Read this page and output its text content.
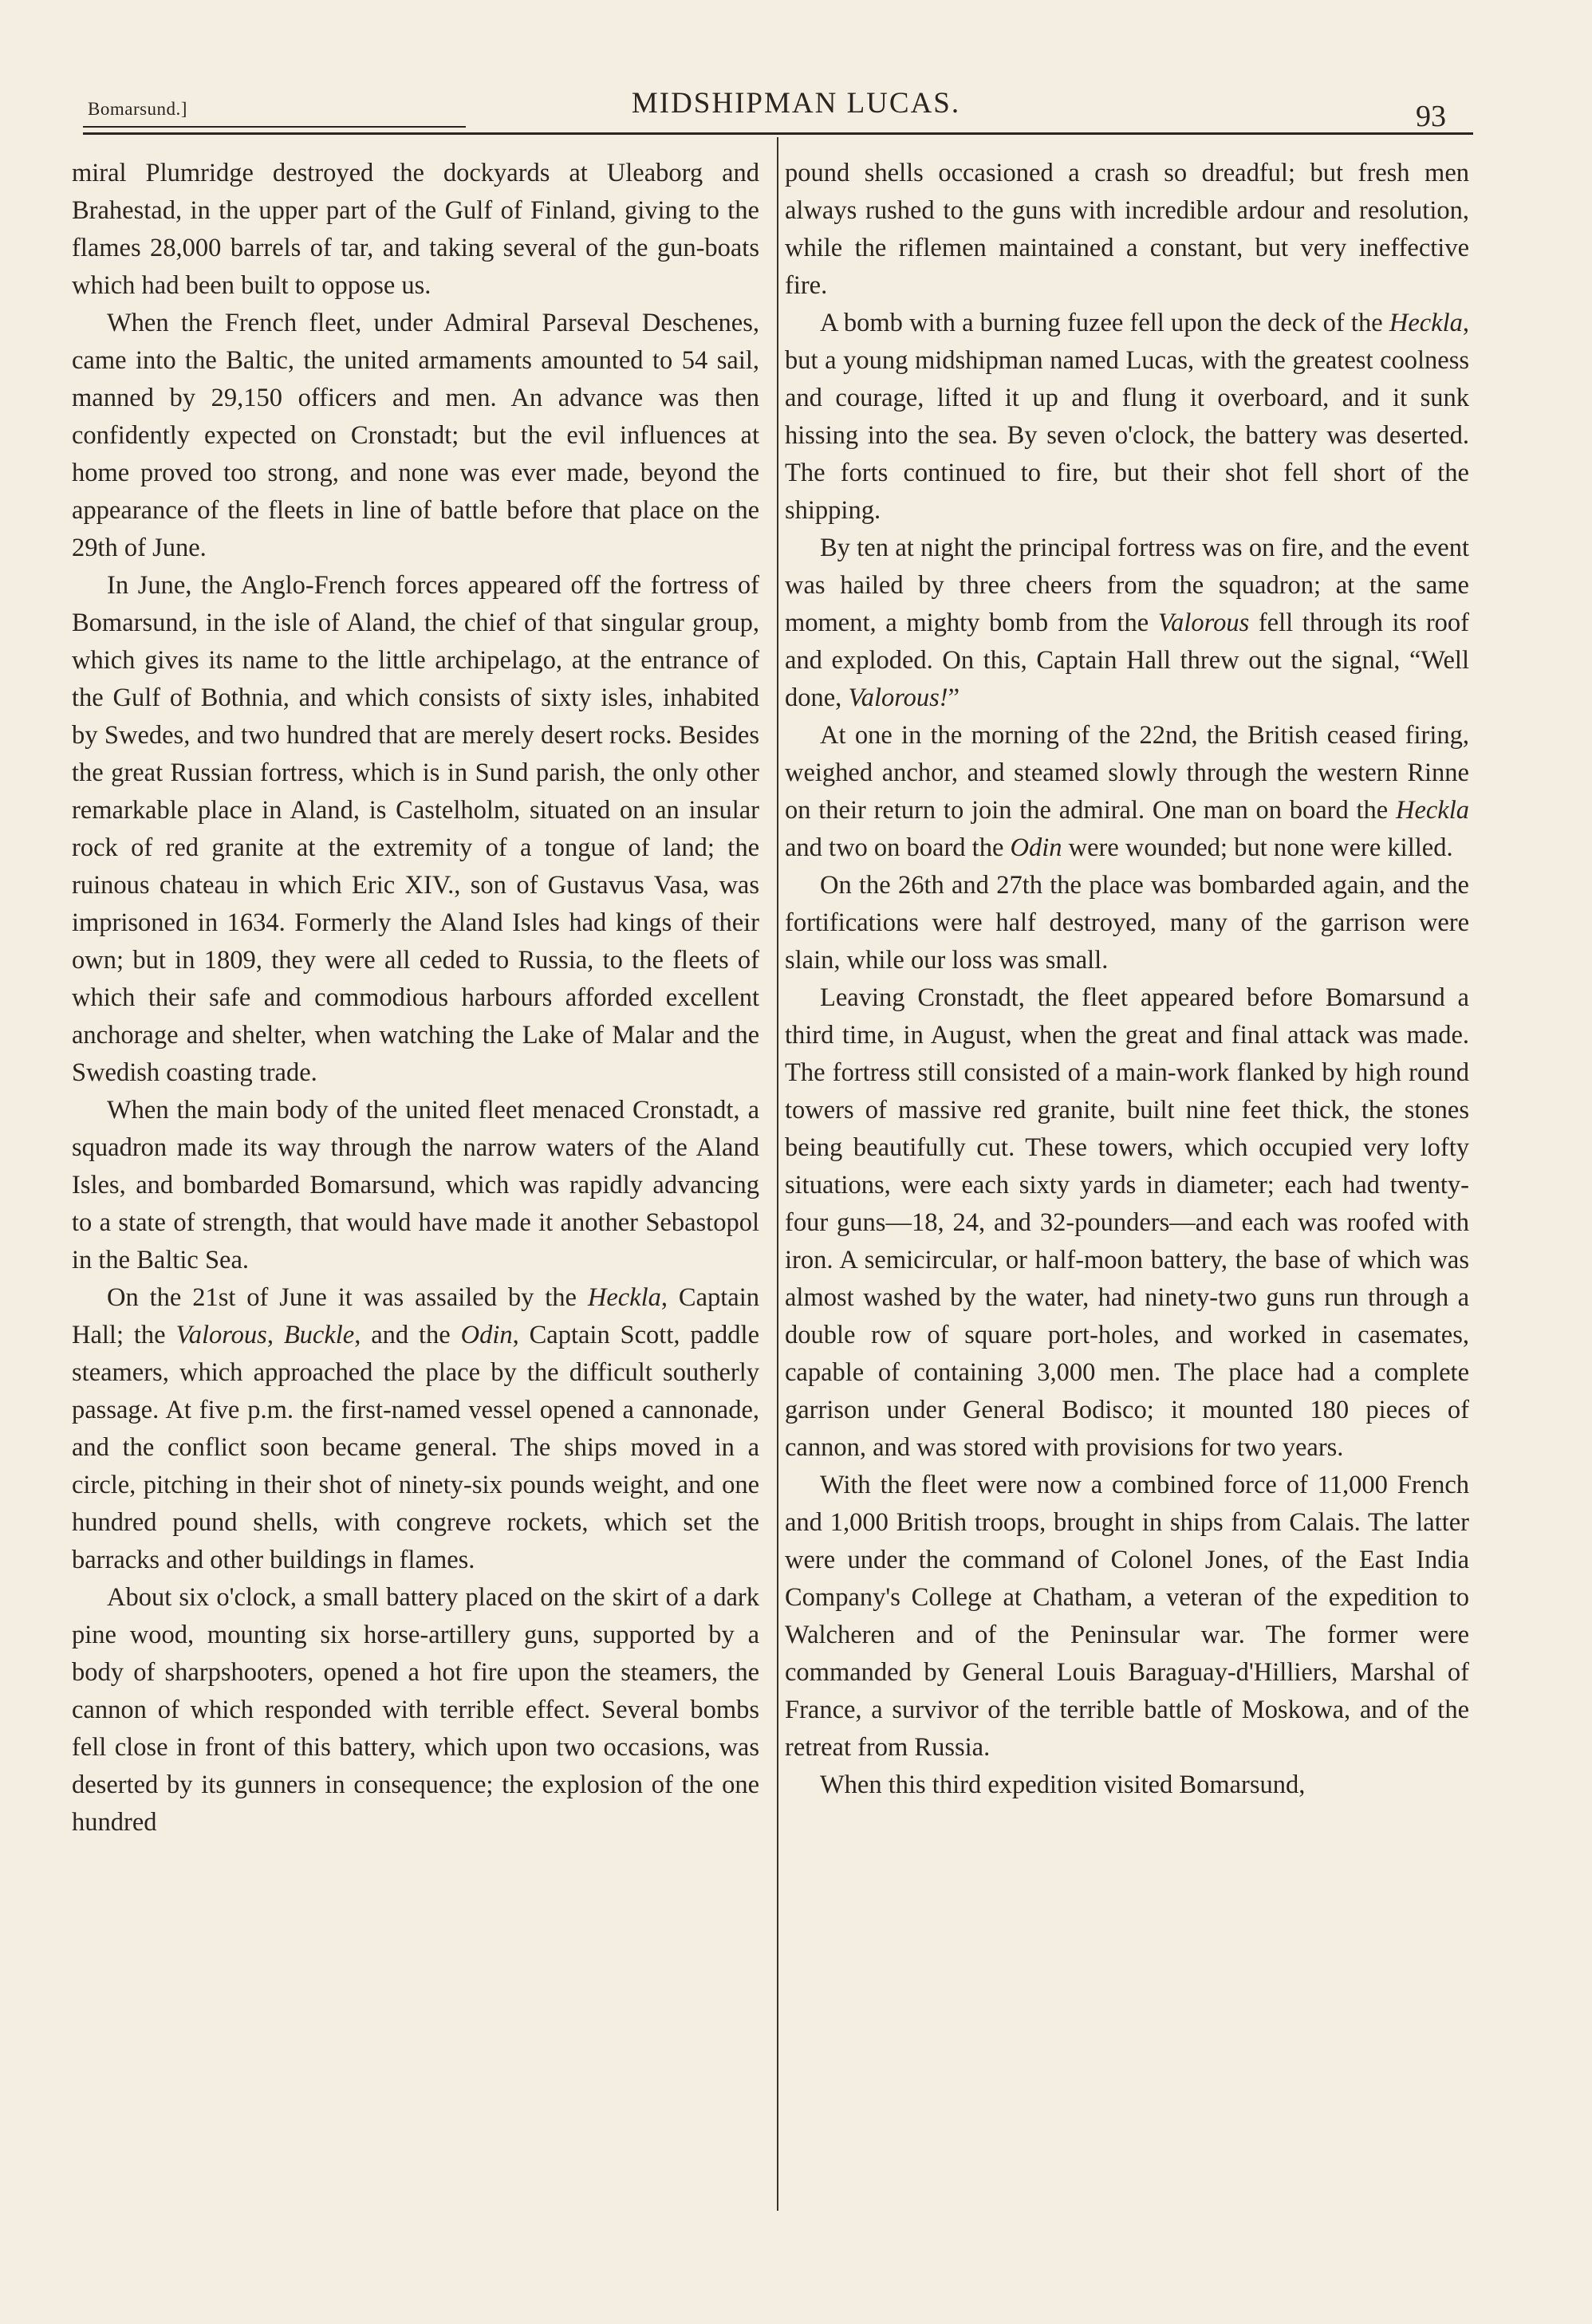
Bomarsund.]	MIDSHIPMAN LUCAS.	93

miral Plumridge destroyed the dockyards at Uleaborg and Brahestad, in the upper part of the Gulf of Finland, giving to the flames 28,000 barrels of tar, and taking several of the gun-boats which had been built to oppose us.

When the French fleet, under Admiral Parseval Deschenes, came into the Baltic, the united armaments amounted to 54 sail, manned by 29,150 officers and men. An advance was then confidently expected on Cronstadt; but the evil influences at home proved too strong, and none was ever made, beyond the appearance of the fleets in line of battle before that place on the 29th of June.

In June, the Anglo-French forces appeared off the fortress of Bomarsund, in the isle of Aland, the chief of that singular group, which gives its name to the little archipelago, at the entrance of the Gulf of Bothnia, and which consists of sixty isles, inhabited by Swedes, and two hundred that are merely desert rocks. Besides the great Russian fortress, which is in Sund parish, the only other remarkable place in Aland, is Castelholm, situated on an insular rock of red granite at the extremity of a tongue of land; the ruinous chateau in which Eric XIV., son of Gustavus Vasa, was imprisoned in 1634. Formerly the Aland Isles had kings of their own; but in 1809, they were all ceded to Russia, to the fleets of which their safe and commodious harbours afforded excellent anchorage and shelter, when watching the Lake of Malar and the Swedish coasting trade.

When the main body of the united fleet menaced Cronstadt, a squadron made its way through the narrow waters of the Aland Isles, and bombarded Bomarsund, which was rapidly advancing to a state of strength, that would have made it another Sebastopol in the Baltic Sea.

On the 21st of June it was assailed by the Heckla, Captain Hall; the Valorous, Buckle, and the Odin, Captain Scott, paddle steamers, which approached the place by the difficult southerly passage. At five p.m. the first-named vessel opened a cannonade, and the conflict soon became general. The ships moved in a circle, pitching in their shot of ninety-six pounds weight, and one hundred pound shells, with congreve rockets, which set the barracks and other buildings in flames.

About six o'clock, a small battery placed on the skirt of a dark pine wood, mounting six horse-artillery guns, supported by a body of sharpshooters, opened a hot fire upon the steamers, the cannon of which responded with terrible effect. Several bombs fell close in front of this battery, which upon two occasions, was deserted by its gunners in consequence; the explosion of the one hundred

pound shells occasioned a crash so dreadful; but fresh men always rushed to the guns with incredible ardour and resolution, while the riflemen maintained a constant, but very ineffective fire.

A bomb with a burning fuzee fell upon the deck of the Heckla, but a young midshipman named Lucas, with the greatest coolness and courage, lifted it up and flung it overboard, and it sunk hissing into the sea. By seven o'clock, the battery was deserted. The forts continued to fire, but their shot fell short of the shipping.

By ten at night the principal fortress was on fire, and the event was hailed by three cheers from the squadron; at the same moment, a mighty bomb from the Valorous fell through its roof and exploded. On this, Captain Hall threw out the signal, “Well done, Valorous!”

At one in the morning of the 22nd, the British ceased firing, weighed anchor, and steamed slowly through the western Rinne on their return to join the admiral. One man on board the Heckla and two on board the Odin were wounded; but none were killed.

On the 26th and 27th the place was bombarded again, and the fortifications were half destroyed, many of the garrison were slain, while our loss was small.

Leaving Cronstadt, the fleet appeared before Bomarsund a third time, in August, when the great and final attack was made. The fortress still consisted of a main-work flanked by high round towers of massive red granite, built nine feet thick, the stones being beautifully cut. These towers, which occupied very lofty situations, were each sixty yards in diameter; each had twenty-four guns—18, 24, and 32-pounders—and each was roofed with iron. A semicircular, or half-moon battery, the base of which was almost washed by the water, had ninety-two guns run through a double row of square port-holes, and worked in casemates, capable of containing 3,000 men. The place had a complete garrison under General Bodisco; it mounted 180 pieces of cannon, and was stored with provisions for two years.

With the fleet were now a combined force of 11,000 French and 1,000 British troops, brought in ships from Calais. The latter were under the command of Colonel Jones, of the East India Company's College at Chatham, a veteran of the expedition to Walcheren and of the Peninsular war. The former were commanded by General Louis Baraguay-d'Hilliers, Marshal of France, a survivor of the terrible battle of Moskowa, and of the retreat from Russia.

When this third expedition visited Bomarsund,
